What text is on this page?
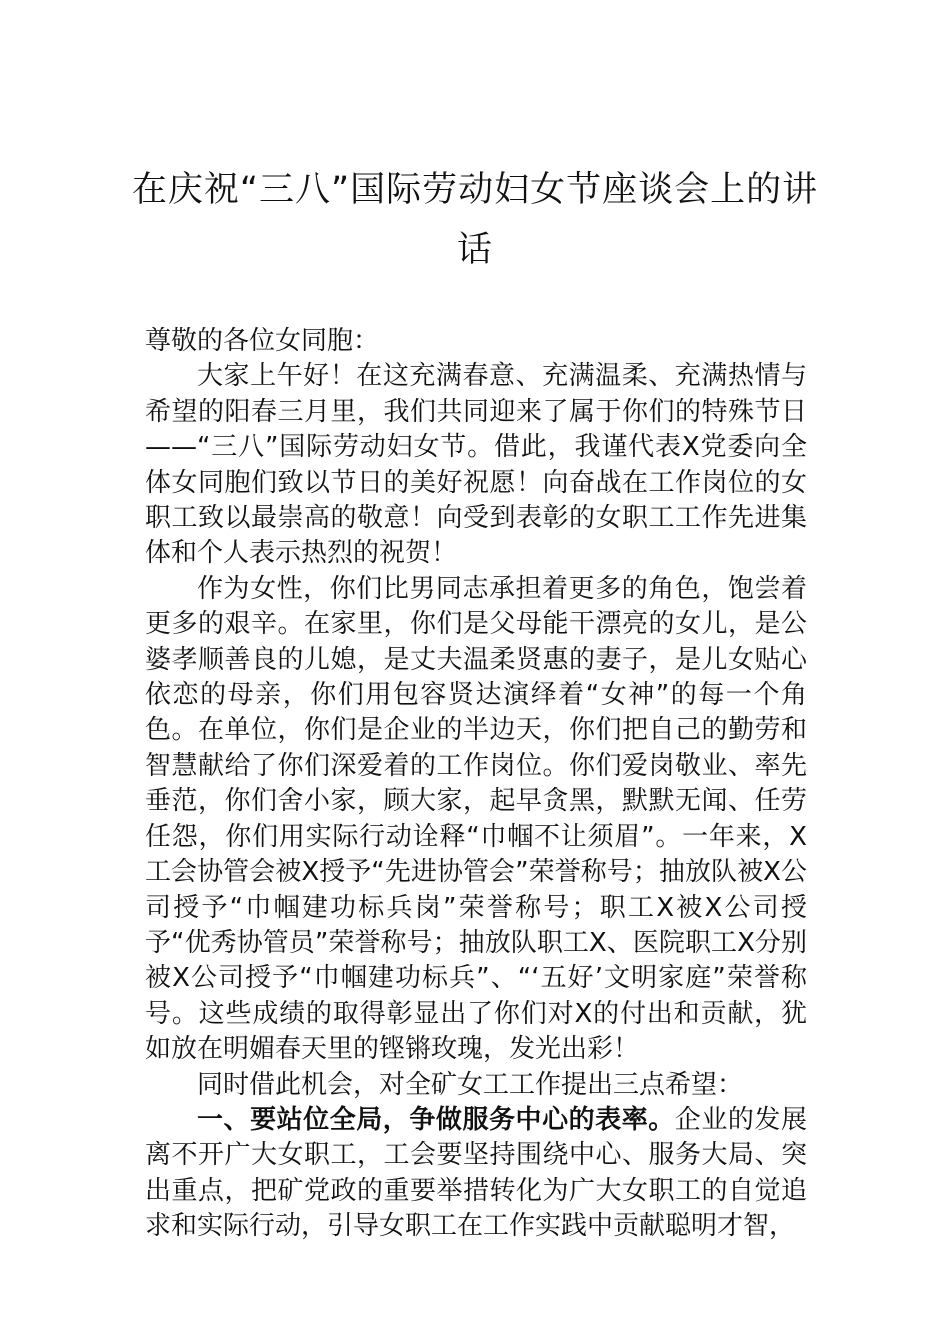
在庆祝“三八”国际劳动妇女节座谈会上的讲话

尊敬的各位女同胞：

大家上午好！在这充满春意、充满温柔、充满热情与希望的阳春三月里，我们共同迎来了属于你们的特殊节日——“三八”国际劳动妇女节。借此，我谨代表X党委向全体女同胞们致以节日的美好祝愿！向奋战在工作岗位的女职工致以最崇高的敬意！向受到表彰的女职工工作先进集体和个人表示热烈的祝贺！

作为女性，你们比男同志承担着更多的角色，饱尝着更多的艰辛。在家里，你们是父母能干漂亮的女儿，是公婆孝顺善良的儿媳，是丈夫温柔贤惠的妻子，是儿女贴心依恋的母亲，你们用包容贤达演绎着“女神”的每一个角色。在单位，你们是企业的半边天，你们把自己的勤劳和智慧献给了你们深爱着的工作岗位。你们爱岗敬业、率先垂范，你们舍小家，顾大家，起早贪黑，默默无闻、任劳任怨，你们用实际行动诠释“巾帼不让须眉”。一年来，X工会协管会被X授予“先进协管会”荣誉称号；抽放队被X公司授予“巾帼建功标兵岗”荣誉称号；职工X被X公司授予“优秀协管员”荣誉称号；抽放队职工X、医院职工X分别被X公司授予“巾帼建功标兵”、“‘五好’文明家庭”荣誉称号。这些成绩的取得彰显出了你们对X的付出和贡献，犹如放在明媚春天里的铿锵玫瑰，发光出彩！

同时借此机会，对全矿女工工作提出三点希望：

一、要站位全局，争做服务中心的表率。企业的发展离不开广大女职工，工会要坚持围绕中心、服务大局、突出重点，把矿党政的重要举措转化为广大女职工的自觉追求和实际行动，引导女职工在工作实践中贡献聪明才智，
